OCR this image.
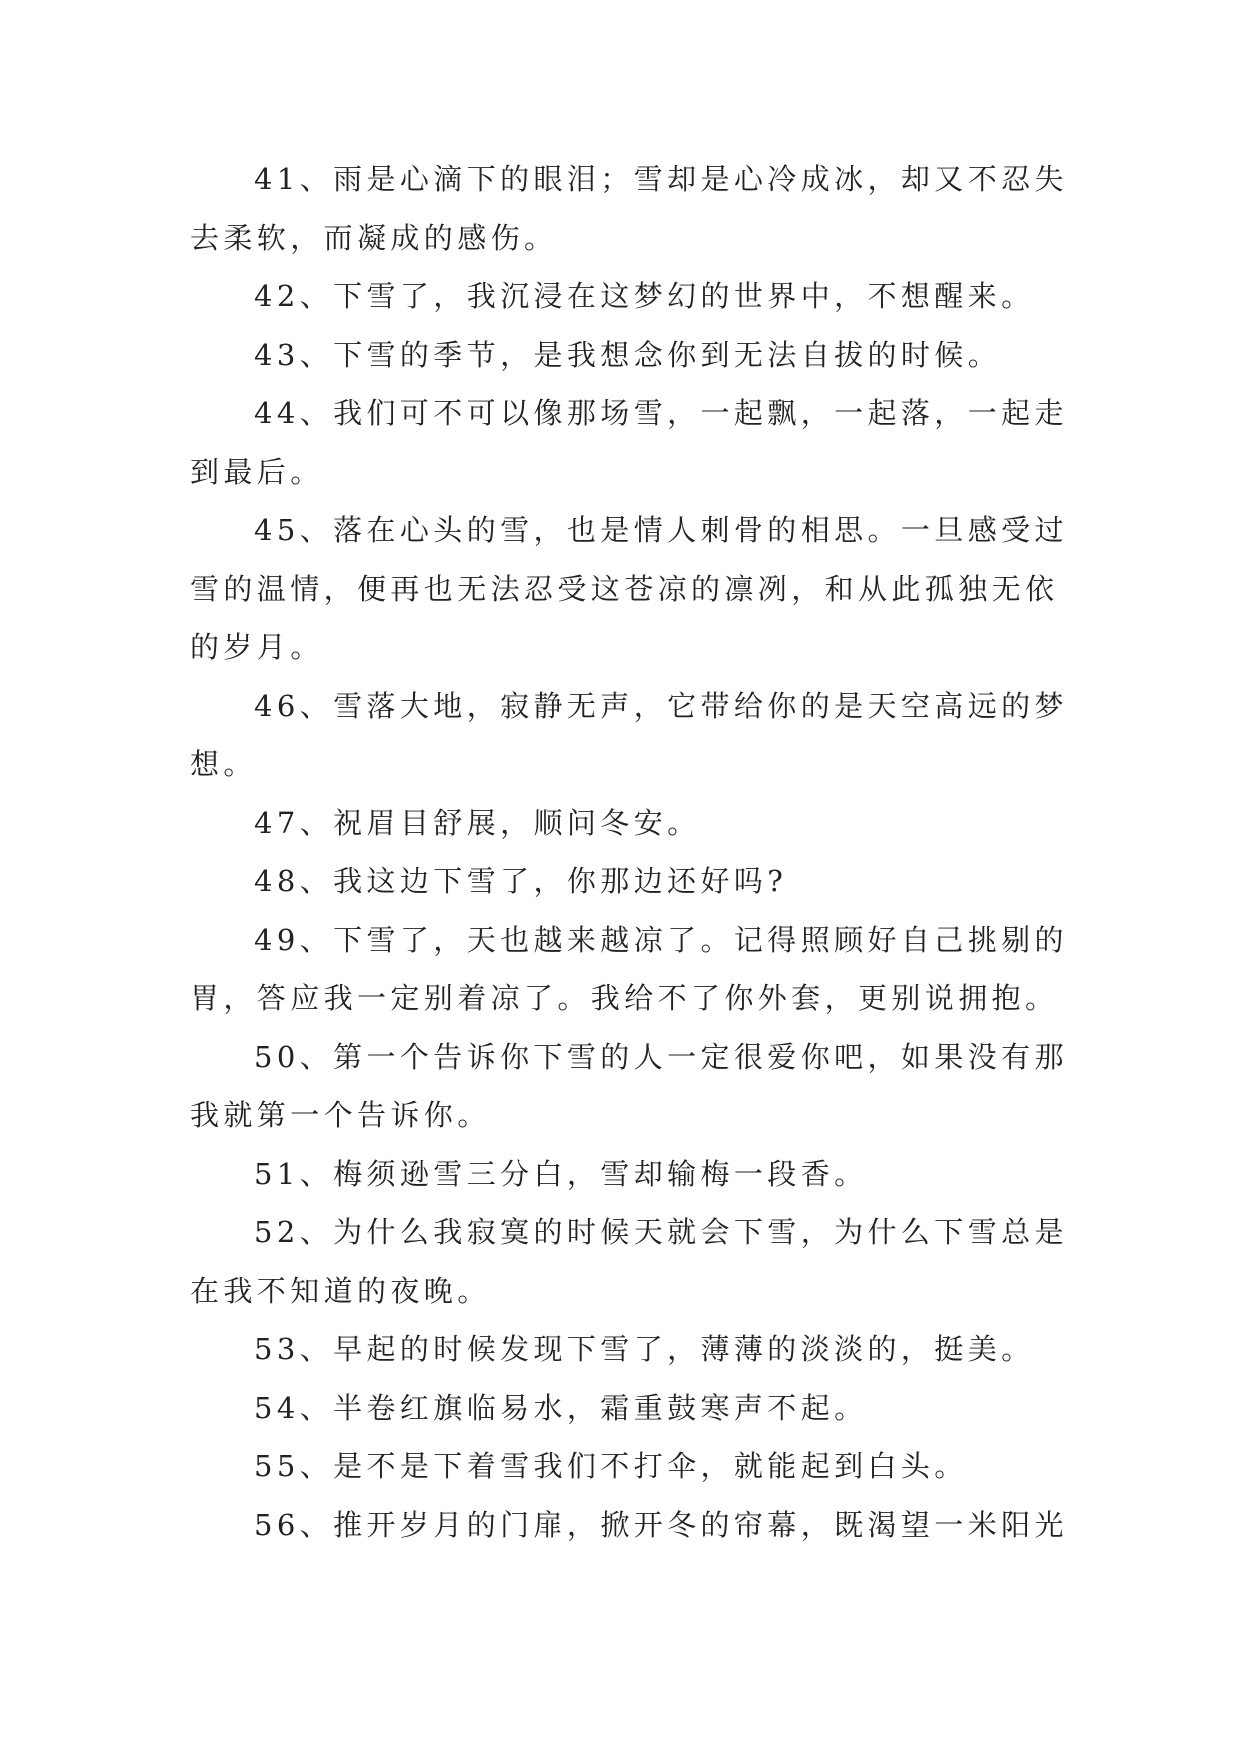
41、雨是心滴下的眼泪；雪却是心冷成冰，却又不忍失去柔软，而凝成的感伤。

42、下雪了，我沉浸在这梦幻的世界中，不想醒来。

43、下雪的季节，是我想念你到无法自拔的时候。

44、我们可不可以像那场雪，一起飘，一起落，一起走到最后。

45、落在心头的雪，也是情人刺骨的相思。一旦感受过雪的温情，便再也无法忍受这苍凉的凛冽，和从此孤独无依的岁月。

46、雪落大地，寂静无声，它带给你的是天空高远的梦想。

47、祝眉目舒展，顺问冬安。

48、我这边下雪了，你那边还好吗?

49、下雪了，天也越来越凉了。记得照顾好自己挑剔的胃，答应我一定别着凉了。我给不了你外套，更别说拥抱。

50、第一个告诉你下雪的人一定很爱你吧，如果没有那我就第一个告诉你。

51、梅须逊雪三分白，雪却输梅一段香。

52、为什么我寂寞的时候天就会下雪，为什么下雪总是在我不知道的夜晚。

53、早起的时候发现下雪了，薄薄的淡淡的，挺美。

54、半卷红旗临易水，霜重鼓寒声不起。

55、是不是下着雪我们不打伞，就能起到白头。

56、推开岁月的门扉，掀开冬的帘幕，既渴望一米阳光
